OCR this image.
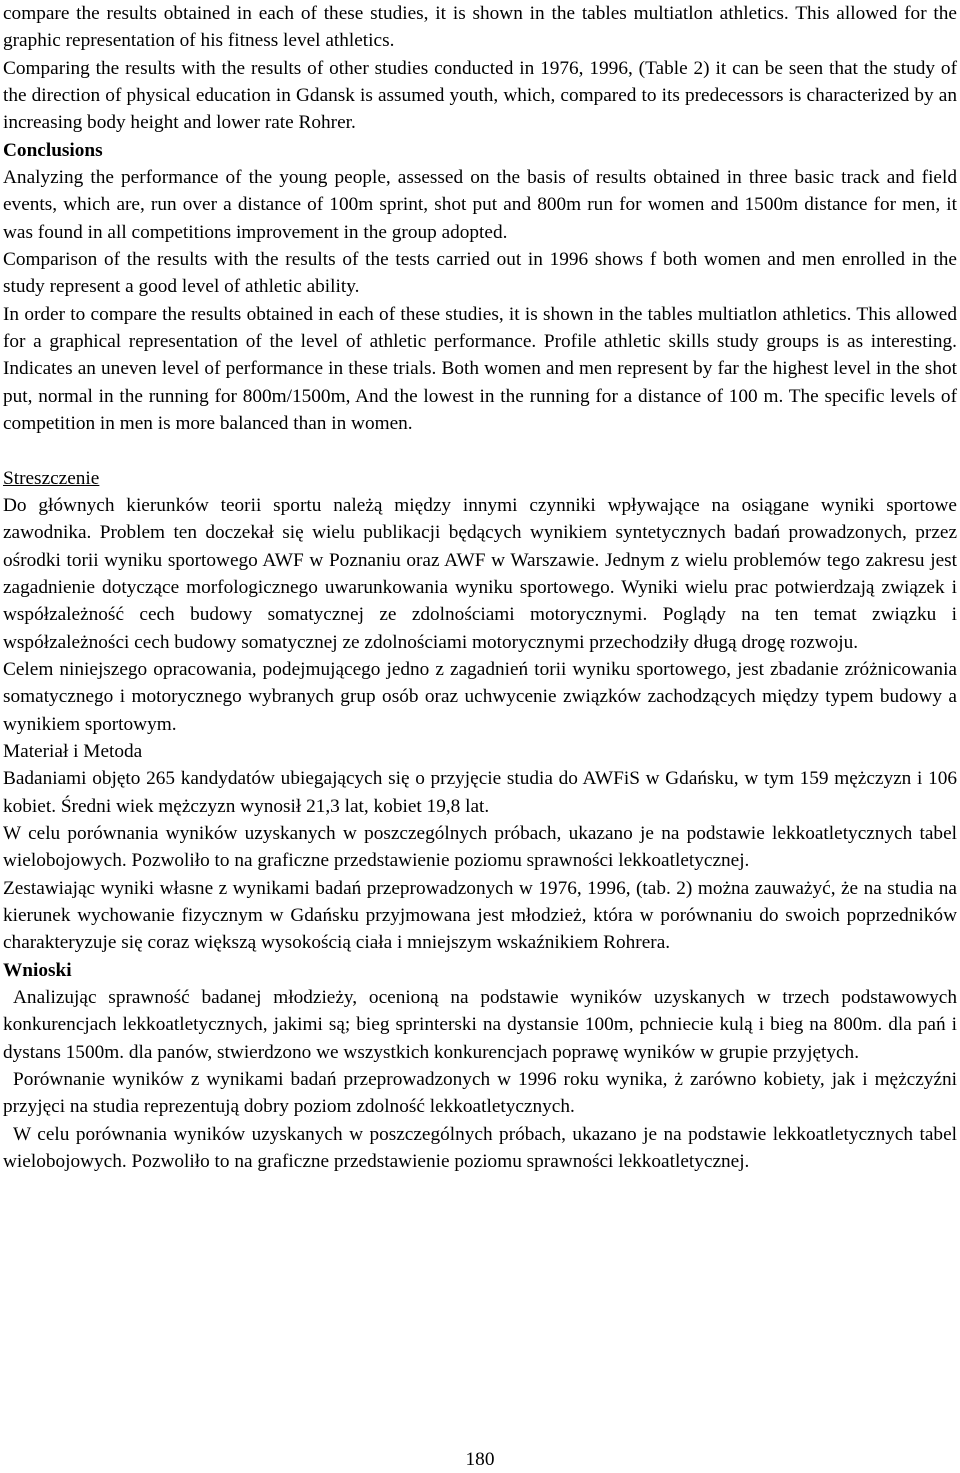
compare the results obtained in each of these studies, it is shown in the tables multiatlon athletics. This allowed for the graphic representation of his fitness level athletics.

Comparing the results with the results of other studies conducted in 1976, 1996, (Table 2) it can be seen that the study of the direction of physical education in Gdansk is assumed youth, which, compared to its predecessors is characterized by an increasing body height and lower rate Rohrer.

Conclusions

Analyzing the performance of the young people, assessed on the basis of results obtained in three basic track and field events, which are, run over a distance of 100m sprint, shot put and 800m run for women and 1500m distance for men, it was found in all competitions improvement in the group adopted.

Comparison of the results with the results of the tests carried out in 1996 shows f both women and men enrolled in the study represent a good level of athletic ability.

In order to compare the results obtained in each of these studies, it is shown in the tables multiatlon athletics. This allowed for a graphical representation of the level of athletic performance. Profile athletic skills study groups is as interesting. Indicates an uneven level of performance in these trials. Both women and men represent by far the highest level in the shot put, normal in the running for 800m/1500m, And the lowest in the running for a distance of 100 m. The specific levels of competition in men is more balanced than in women.

Streszczenie

Do głównych kierunków teorii sportu należą między innymi czynniki wpływające na osiągane wyniki sportowe zawodnika. Problem ten doczekał się wielu publikacji będących wynikiem syntetycznych badań prowadzonych, przez ośrodki torii wyniku sportowego AWF w Poznaniu oraz AWF w Warszawie. Jednym z wielu problemów tego zakresu jest zagadnienie dotyczące morfologicznego uwarunkowania wyniku sportowego. Wyniki wielu prac potwierdzają związek i współzależność cech budowy somatycznej ze zdolnościami motorycznymi. Poglądy na ten temat związku i współzależności cech budowy somatycznej ze zdolnościami motorycznymi przechodziły długą drogę rozwoju.

Celem niniejszego opracowania, podejmującego jedno z zagadnień torii wyniku sportowego, jest zbadanie zróżnicowania somatycznego i motorycznego wybranych grup osób oraz uchwycenie związków zachodzących między typem budowy a wynikiem sportowym.

Materiał i Metoda

Badaniami objęto 265 kandydatów ubiegających się o przyjęcie studia do AWFiS w Gdańsku, w tym 159 mężczyzn i 106 kobiet. Średni wiek mężczyzn wynosił 21,3 lat, kobiet 19,8 lat.

W celu porównania wyników uzyskanych w poszczególnych próbach, ukazano je na podstawie lekkoatletycznych tabel wielobojowych. Pozwoliło to na graficzne przedstawienie poziomu sprawności lekkoatletycznej.

Zestawiając wyniki własne z wynikami badań przeprowadzonych w 1976, 1996, (tab. 2) można zauważyć, że na studia na kierunek wychowanie fizycznym w Gdańsku przyjmowana jest młodzież, która w porównaniu do swoich poprzedników charakteryzuje się coraz większą wysokością ciała i mniejszym wskaźnikiem Rohrera.

Wnioski

Analizując sprawność badanej młodzieży, ocenioną na podstawie wyników uzyskanych w trzech podstawowych konkurencjach lekkoatletycznych, jakimi są; bieg sprinterski na dystansie 100m, pchniecie kulą i bieg na 800m. dla pań i dystans 1500m. dla panów, stwierdzono we wszystkich konkurencjach poprawę wyników w grupie przyjętych.

Porównanie wyników z wynikami badań przeprowadzonych w 1996 roku wynika, ż zarówno kobiety, jak i mężczyźni przyjęci na studia reprezentują dobry poziom zdolność lekkoatletycznych.

W celu porównania wyników uzyskanych w poszczególnych próbach, ukazano je na podstawie lekkoatletycznych tabel wielobojowych. Pozwoliło to na graficzne przedstawienie poziomu sprawności lekkoatletycznej.

180
